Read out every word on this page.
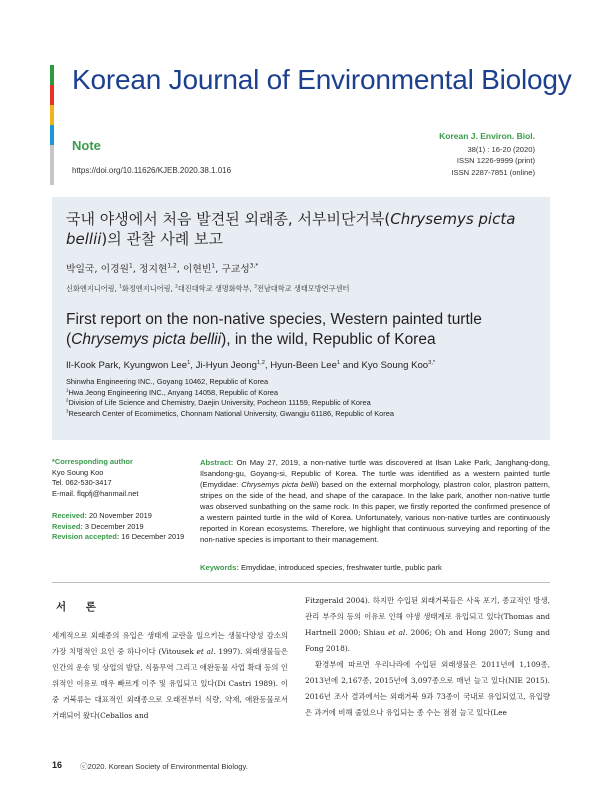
Korean Journal of Environmental Biology
Note
https://doi.org/10.11626/KJEB.2020.38.1.016
Korean J. Environ. Biol.
38(1) : 16-20 (2020)
ISSN 1226-9999 (print)
ISSN 2287-7851 (online)
국내 야생에서 처음 발견된 외래종, 서부비단거북(Chrysemys picta bellii)의 관찰 사례 보고
박일국, 이경원$^1$, 정지현$^{1,2}$, 이현빈$^1$, 구교성$^{3,*}$
신화엔지니어링, $^1$화정엔지니어링, $^2$대진대학교 생명화학부, $^3$전남대학교 생태모방연구센터
First report on the non-native species, Western painted turtle (Chrysemys picta bellii), in the wild, Republic of Korea
Il-Kook Park, Kyungwon Lee$^1$, Ji-Hyun Jeong$^{1,2}$, Hyun-Been Lee$^1$ and Kyo Soung Koo$^{3,*}$
Shinwha Engineering INC., Goyang 10462, Republic of Korea
$^1$Hwa Jeong Engineering INC., Anyang 14058, Republic of Korea
$^2$Division of Life Science and Chemistry, Daejin University, Pocheon 11159, Republic of Korea
$^3$Research Center of Ecomimetics, Chonnam National University, Gwangju 61186, Republic of Korea
*Corresponding author
Kyo Soung Koo
Tel. 062-530-3417
E-mail. flqpfj@hanmail.net
Received: 20 November 2019
Revised: 3 December 2019
Revision accepted: 16 December 2019
Abstract: On May 27, 2019, a non-native turtle was discovered at Ilsan Lake Park, Janghang-dong, Ilsandong-gu, Goyang-si, Republic of Korea. The turtle was identified as a western painted turtle (Emydidae: Chrysemys picta bellii) based on the external morphology, plastron color, plastron pattern, stripes on the side of the head, and shape of the carapace. In the lake park, another non-native turtle was observed sunbathing on the same rock. In this paper, we firstly reported the confirmed presence of a western painted turtle in the wild of Korea. Unfortunately, various non-native turtles are continuously reported in Korean ecosystems. Therefore, we highlight that continuous surveying and reporting of the non-native species is important to their management.
Keywords: Emydidae, introduced species, freshwater turtle, public park
서 론
세계적으로 외래종의 유입은 생태계 교란을 일으키는 생물다양성 감소의 가장 치명적인 요인 중 하나이다 (Vitousek et al. 1997). 외래생물들은 인간의 운송 및 상업의 발달, 식품무역 그리고 애완동물 사업 확대 등의 인위적인 이유로 매우 빠르게 이주 및 유입되고 있다(Di Castri 1989). 이 중 거북류는 대표적인 외래종으로 오래전부터 식량, 약재, 애완동물로서 거래되어 왔다(Ceballos and
Fitzgerald 2004). 하지만 수입된 외래거북들은 사육 포기, 종교적인 방생, 관리 부주의 등의 이유로 인해 야생 생태계로 유입되고 있다(Thomas and Hartnell 2000; Shiau et al. 2006; Oh and Hong 2007; Sung and Fong 2018).
환경부에 따르면 우리나라에 수입된 외래생물은 2011년에 1,109종, 2013년에 2,167종, 2015년에 3,097종으로 매년 늘고 있다(NIE 2015). 2016년 조사 결과에서는 외래거북 9과 73종이 국내로 유입되었고, 유입량은 과거에 비해 줄었으나 유입되는 종 수는 점점 늘고 있다(Lee
16 ⓒ2020. Korean Society of Environmental Biology.
